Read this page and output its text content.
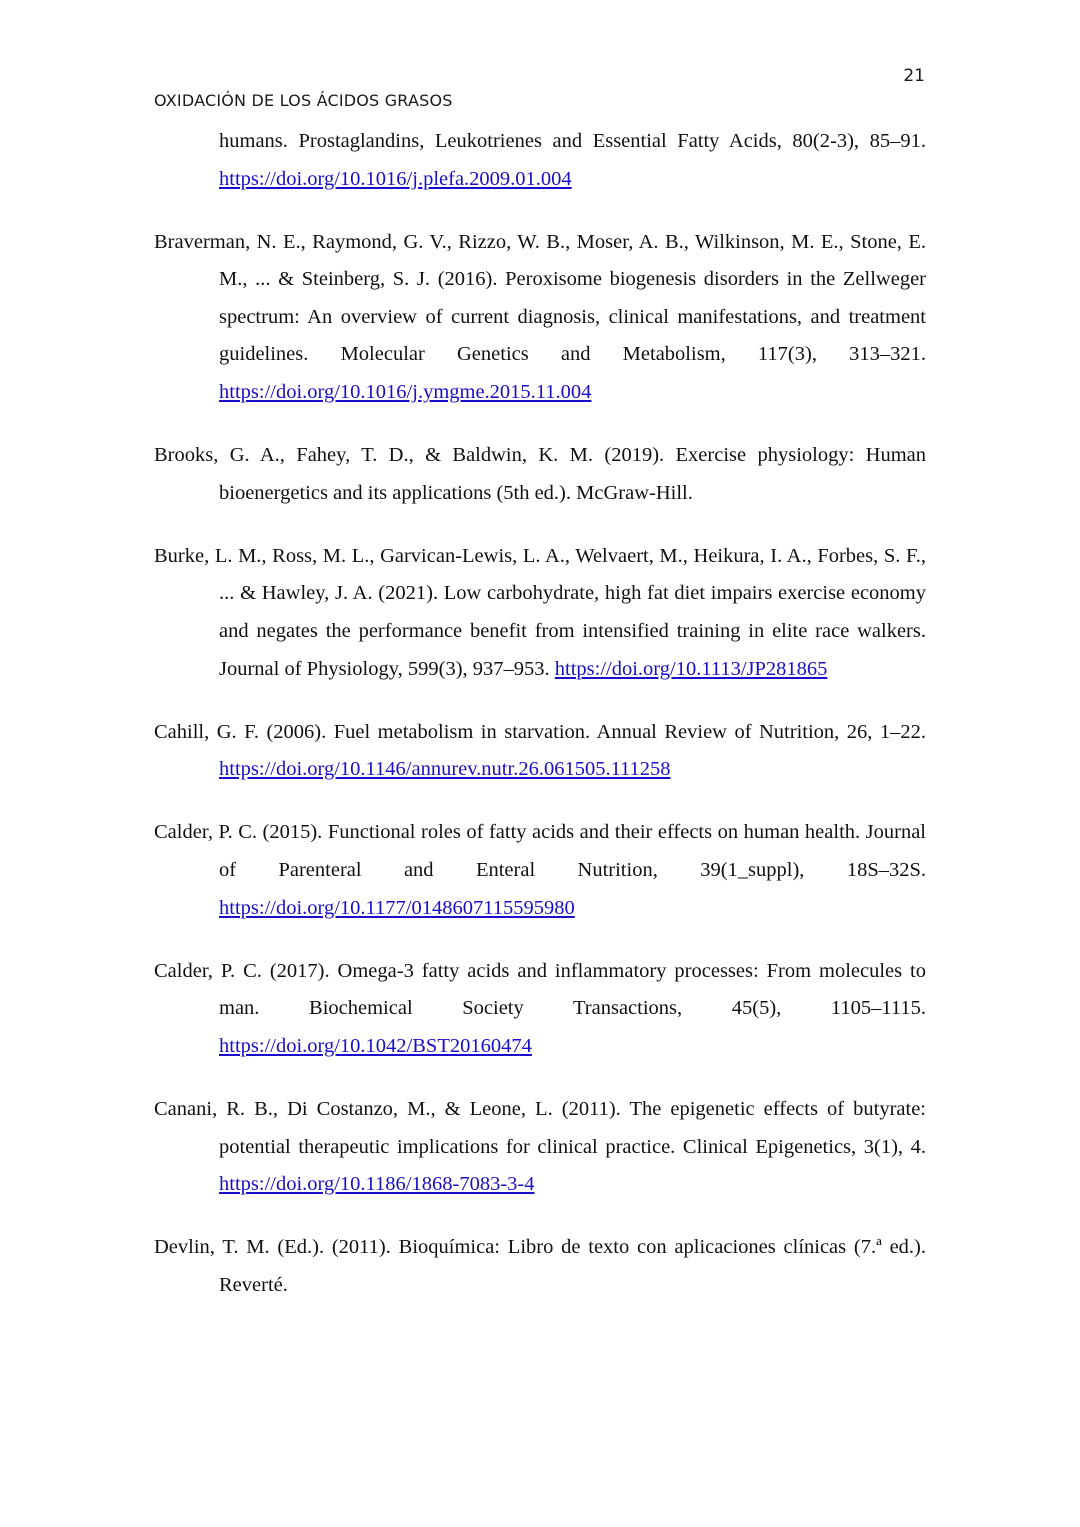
21
OXIDACIÓN DE LOS ÁCIDOS GRASOS

humans. Prostaglandins, Leukotrienes and Essential Fatty Acids, 80(2-3), 85–91. https://doi.org/10.1016/j.plefa.2009.01.004

Braverman, N. E., Raymond, G. V., Rizzo, W. B., Moser, A. B., Wilkinson, M. E., Stone, E. M., ... & Steinberg, S. J. (2016). Peroxisome biogenesis disorders in the Zellweger spectrum: An overview of current diagnosis, clinical manifestations, and treatment guidelines. Molecular Genetics and Metabolism, 117(3), 313–321. https://doi.org/10.1016/j.ymgme.2015.11.004

Brooks, G. A., Fahey, T. D., & Baldwin, K. M. (2019). Exercise physiology: Human bioenergetics and its applications (5th ed.). McGraw-Hill.

Burke, L. M., Ross, M. L., Garvican-Lewis, L. A., Welvaert, M., Heikura, I. A., Forbes, S. F., ... & Hawley, J. A. (2021). Low carbohydrate, high fat diet impairs exercise economy and negates the performance benefit from intensified training in elite race walkers. Journal of Physiology, 599(3), 937–953. https://doi.org/10.1113/JP281865

Cahill, G. F. (2006). Fuel metabolism in starvation. Annual Review of Nutrition, 26, 1–22. https://doi.org/10.1146/annurev.nutr.26.061505.111258

Calder, P. C. (2015). Functional roles of fatty acids and their effects on human health. Journal of Parenteral and Enteral Nutrition, 39(1_suppl), 18S–32S. https://doi.org/10.1177/0148607115595980

Calder, P. C. (2017). Omega-3 fatty acids and inflammatory processes: From molecules to man. Biochemical Society Transactions, 45(5), 1105–1115. https://doi.org/10.1042/BST20160474

Canani, R. B., Di Costanzo, M., & Leone, L. (2011). The epigenetic effects of butyrate: potential therapeutic implications for clinical practice. Clinical Epigenetics, 3(1), 4. https://doi.org/10.1186/1868-7083-3-4

Devlin, T. M. (Ed.). (2011). Bioquímica: Libro de texto con aplicaciones clínicas (7.ª ed.). Reverté.
